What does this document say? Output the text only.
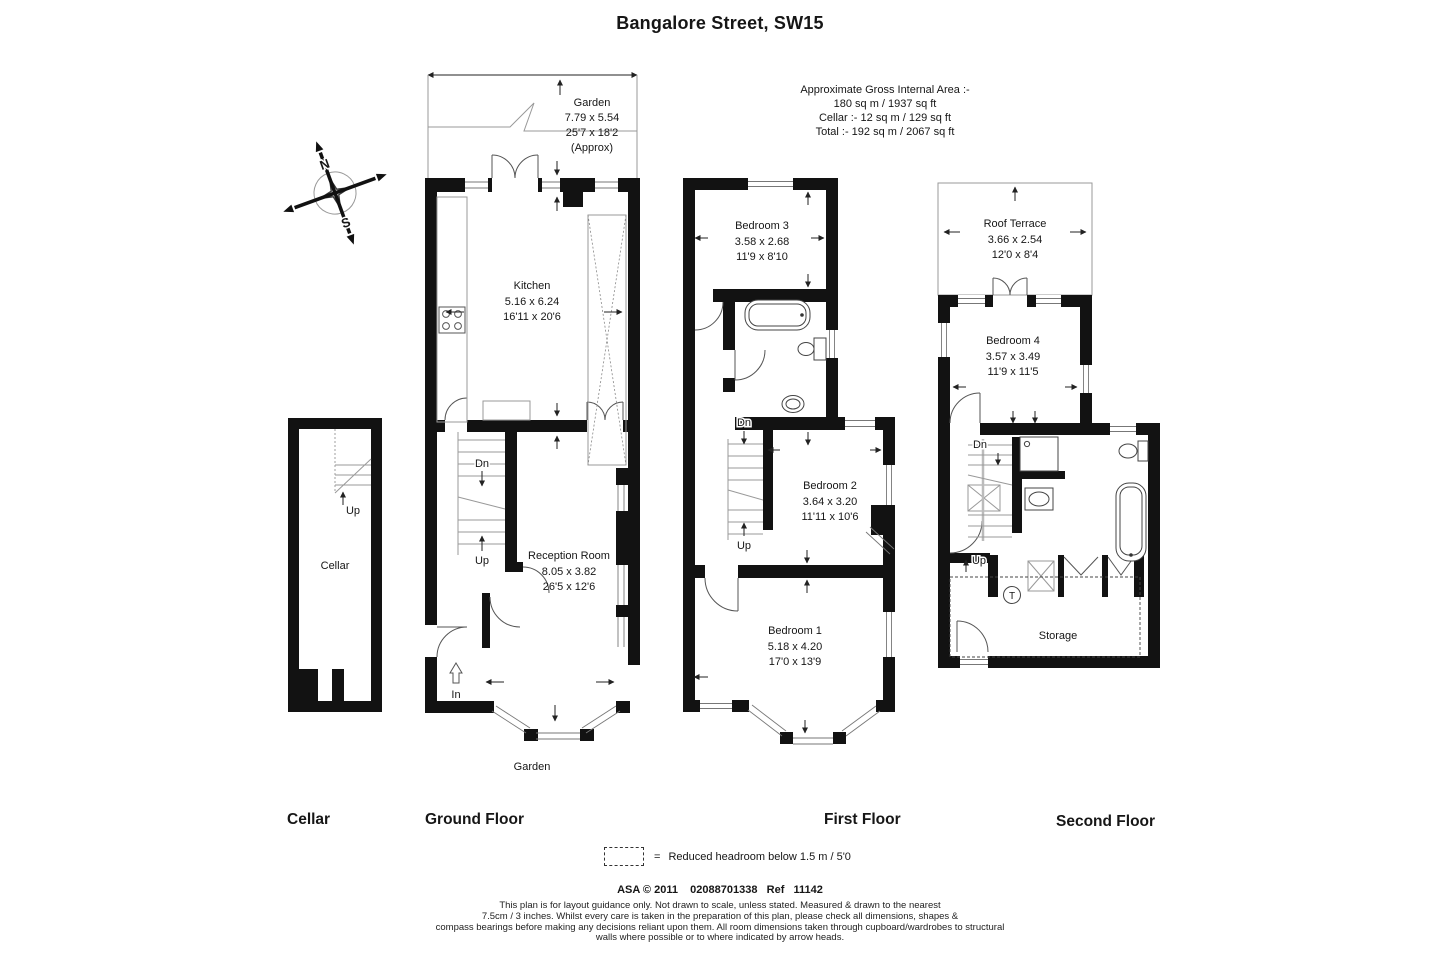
Bangalore Street, SW15
Approximate Gross Internal Area :-
180 sq m / 1937 sq ft
Cellar :- 12 sq m / 129 sq ft
Total :- 192 sq m / 2067 sq ft
N
S
Up
Cellar
Garden
7.79 x 5.54
25'7 x 18'2
(Approx)
Dn
Up
Kitchen
5.16 x 6.24
16'11 x 20'6
Reception Room
8.05 x 3.82
26'5 x 12'6
In
Garden
Dn
Up
Bedroom 3
3.58 x 2.68
11'9 x 8'10
Bedroom 2
3.64 x 3.20
11'11 x 10'6
Bedroom 1
5.18 x 4.20
17'0 x 13'9
Roof Terrace
3.66 x 2.54
12'0 x 8'4
Dn
Up
T
Storage
Bedroom 4
3.57 x 3.49
11'9 x 11'5
Cellar	Ground Floor	First Floor	Second Floor
= Reduced headroom below 1.5 m / 5'0
ASA © 2011    02088701338   Ref   11142
This plan is for layout guidance only. Not drawn to scale, unless stated. Measured & drawn to the nearest
7.5cm / 3 inches. Whilst every care is taken in the preparation of this plan, please check all dimensions, shapes &
compass bearings before making any decisions reliant upon them. All room dimensions taken through cupboard/wardrobes to structural
walls where possible or to where indicated by arrow heads.
